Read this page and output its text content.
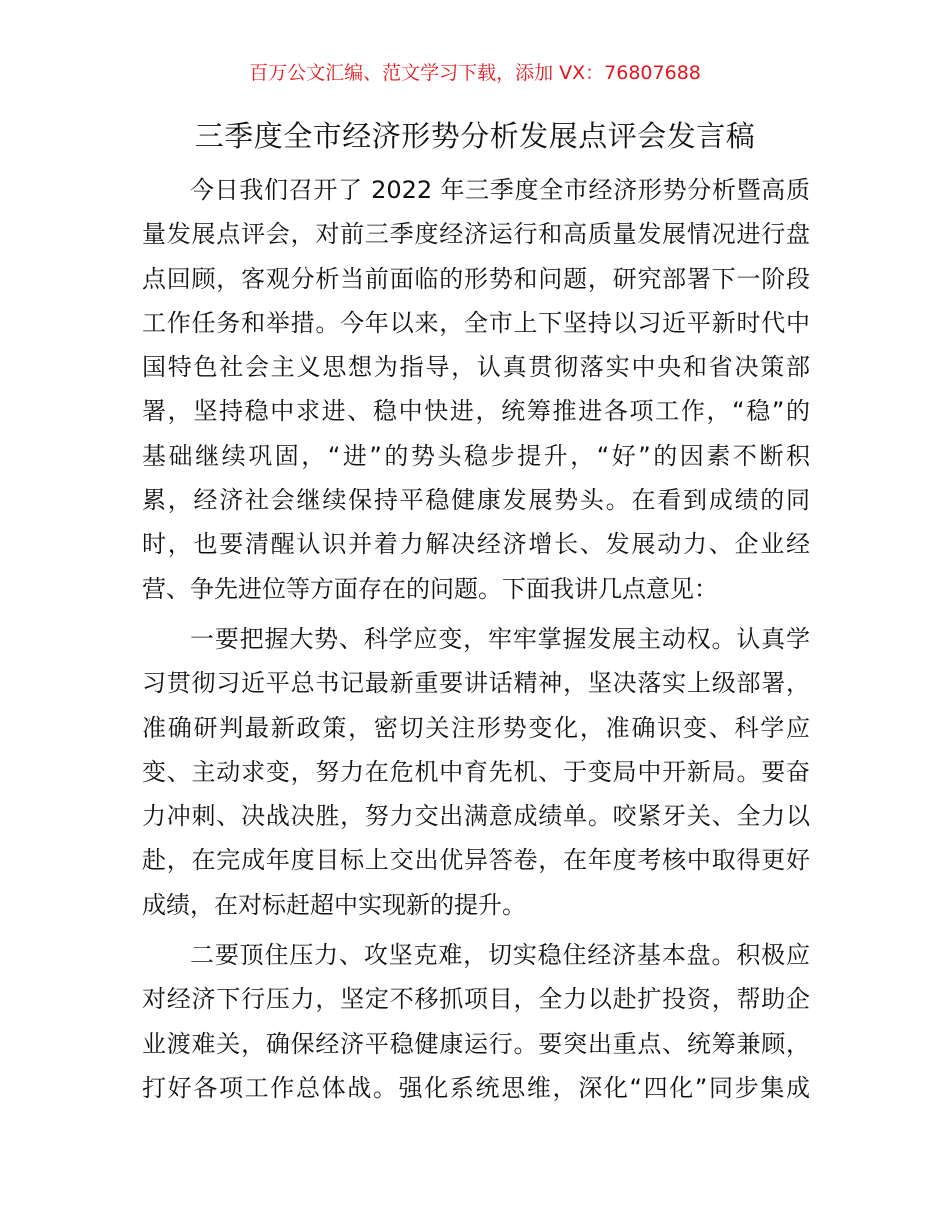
百万公文汇编、范文学习下载，添加 VX：76807688
三季度全市经济形势分析发展点评会发言稿
今日我们召开了 2022 年三季度全市经济形势分析暨高质
量发展点评会，对前三季度经济运行和高质量发展情况进行盘
点回顾，客观分析当前面临的形势和问题，研究部署下一阶段
工作任务和举措。今年以来，全市上下坚持以习近平新时代中
国特色社会主义思想为指导，认真贯彻落实中央和省决策部
署，坚持稳中求进、稳中快进，统筹推进各项工作，“稳”的
基础继续巩固，“进”的势头稳步提升，“好”的因素不断积
累，经济社会继续保持平稳健康发展势头。在看到成绩的同
时，也要清醒认识并着力解决经济增长、发展动力、企业经
营、争先进位等方面存在的问题。下面我讲几点意见：
一要把握大势、科学应变，牢牢掌握发展主动权。认真学
习贯彻习近平总书记最新重要讲话精神，坚决落实上级部署，
准确研判最新政策，密切关注形势变化，准确识变、科学应
变、主动求变，努力在危机中育先机、于变局中开新局。要奋
力冲刺、决战决胜，努力交出满意成绩单。咬紧牙关、全力以
赴，在完成年度目标上交出优异答卷，在年度考核中取得更好
成绩，在对标赶超中实现新的提升。
二要顶住压力、攻坚克难，切实稳住经济基本盘。积极应
对经济下行压力，坚定不移抓项目，全力以赴扩投资，帮助企
业渡难关，确保经济平稳健康运行。要突出重点、统筹兼顾，
打好各项工作总体战。强化系统思维，深化“四化”同步集成
